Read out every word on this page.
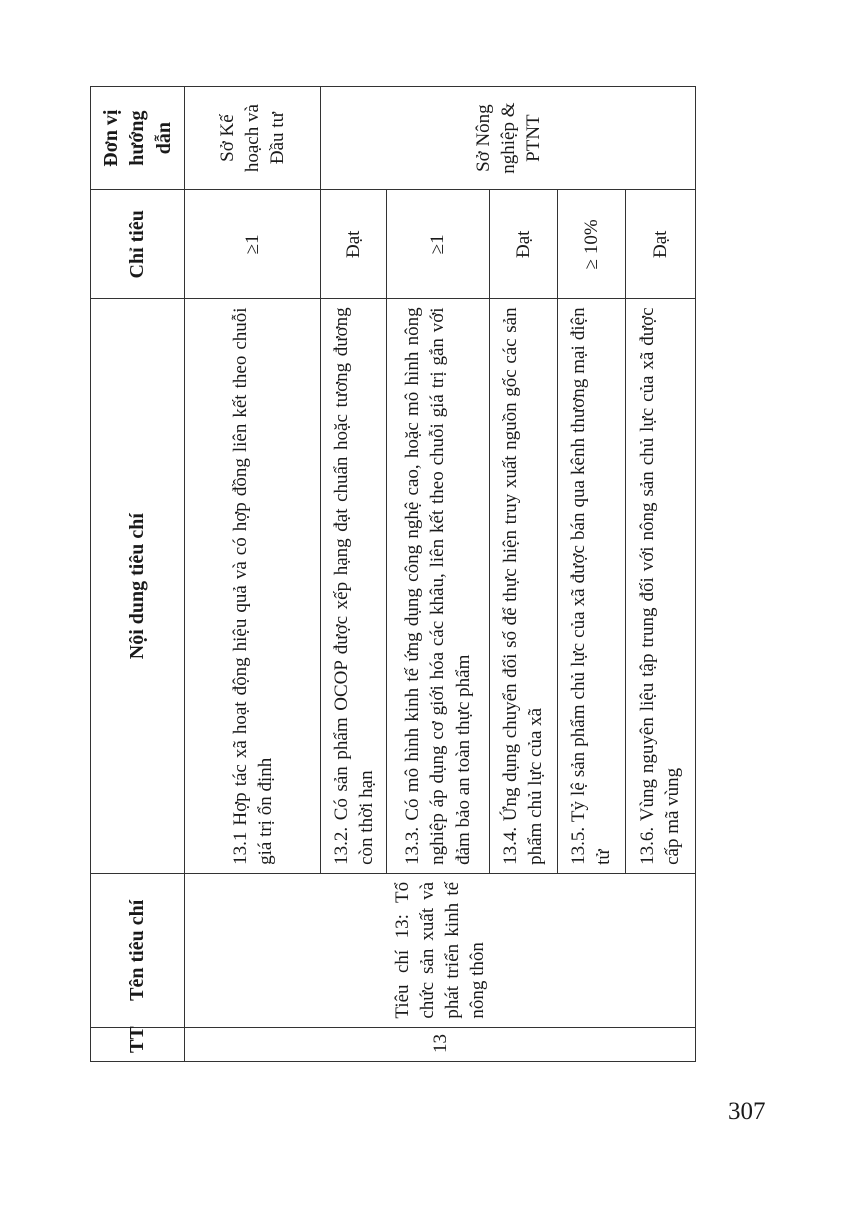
TT	Tên tiêu chí	Nội dung tiêu chí	Chỉ tiêu	Đơn vị hướng dẫn
13	Tiêu chí 13: Tổ chức sản xuất và phát triển kinh tế nông thôn	13.1 Hợp tác xã hoạt động hiệu quả và có hợp đồng liên kết theo chuỗi giá trị ổn định	≥1	Sở Kế hoạch và Đầu tư
		13.2. Có sản phẩm OCOP được xếp hạng đạt chuẩn hoặc tương đương còn thời hạn	Đạt	Sở Nông nghiệp & PTNT
		13.3. Có mô hình kinh tế ứng dụng công nghệ cao, hoặc mô hình nông nghiệp áp dụng cơ giới hóa các khâu, liên kết theo chuỗi giá trị gắn với đảm bảo an toàn thực phẩm	≥1	
		13.4. Ứng dụng chuyển đổi số để thực hiện truy xuất nguồn gốc các sản phẩm chủ lực của xã	Đạt	
		13.5. Tỷ lệ sản phẩm chủ lực của xã được bán qua kênh thương mại điện tử	≥ 10%	
		13.6. Vùng nguyên liệu tập trung đối với nông sản chủ lực của xã được cấp mã vùng	Đạt	
307
